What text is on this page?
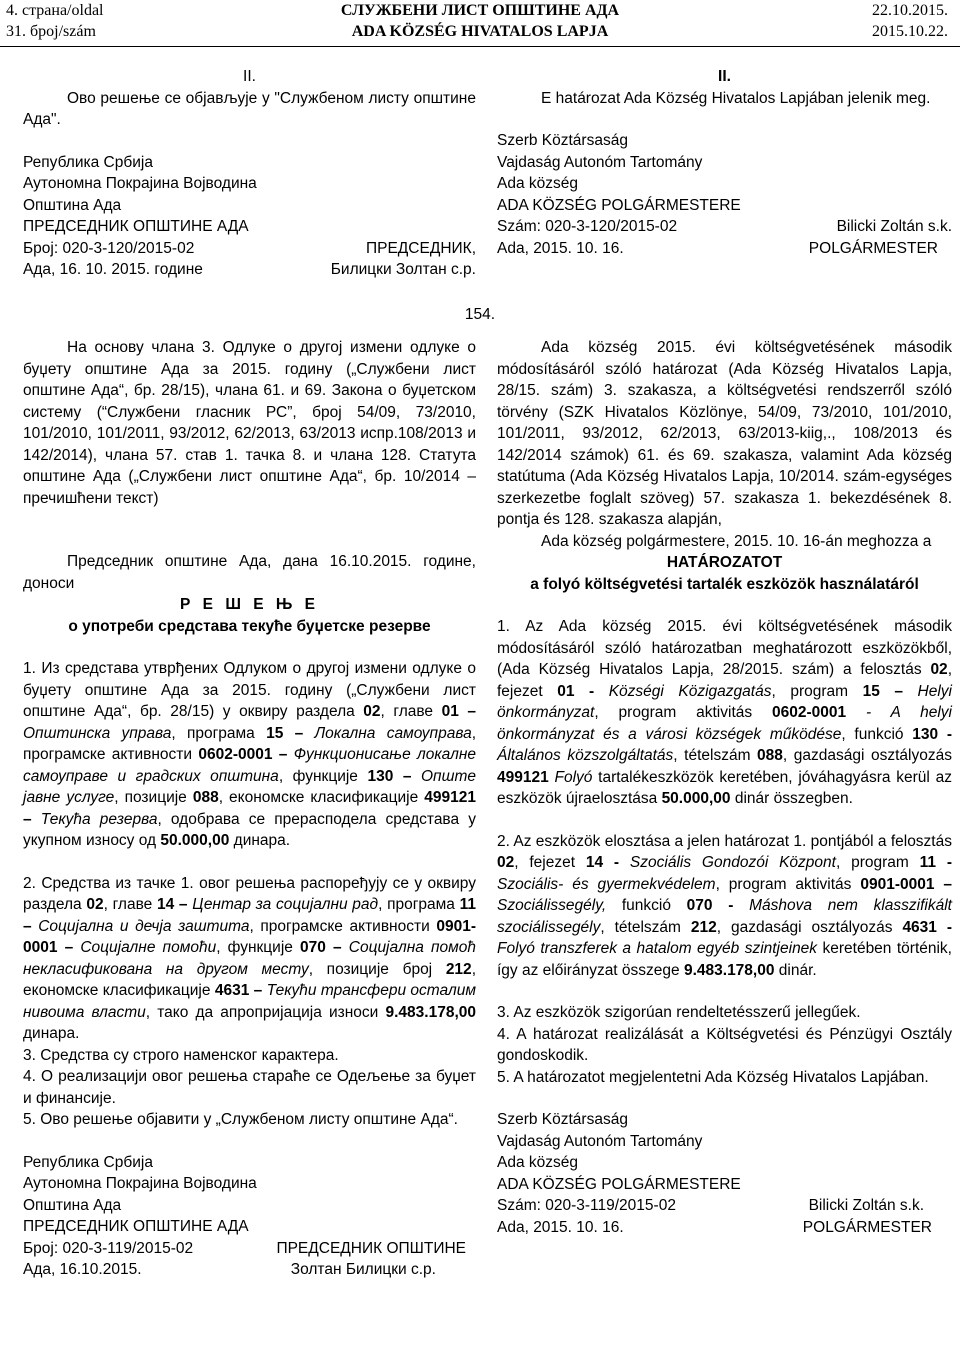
4. страна/oldal
31. број/szám
СЛУЖБЕНИ ЛИСТ ОПШТИНЕ АДА
ADA KÖZSÉG HIVATALOS LAPJA
22.10.2015.
2015.10.22.
II.

Ово решење се објављује у "Службеном листу општине Ада".

Република Србија
Аутономна Покрајина Војводина
Општина Ада
ПРЕДСЕДНИК ОПШТИНЕ АДА
Број: 020-3-120/2015-02	ПРЕДСЕДНИК,
Ада, 16. 10. 2015. године	Билицки Золтан с.р.
II.

E határozat Ada Község Hivatalos Lapjában jelenik meg.

Szerb Köztársaság
Vajdaság Autonóm Tartomány
Ada község
ADA KÖZSÉG POLGÁRMESTERE
Szám: 020-3-120/2015-02	Bilicki Zoltán s.k.
Ada, 2015. 10. 16.	POLGÁRMESTER
154.

На основу члана 3. Одлуке о другој измени одлуке о буџету општине Ада за 2015. годину („Службени лист општине Ада“, бр. 28/15), члана 61. и 69. Закона о буџетском систему (“Службени гласник РС”, број 54/09, 73/2010, 101/2010, 101/2011, 93/2012, 62/2013, 63/2013 испр.108/2013 и 142/2014), члана 57. став 1. тачка 8. и члана 128. Статута општине Ада („Службени лист општине Ада“, бр. 10/2014 – пречишћени текст)

Председник општине Ада, дана 16.10.2015. године, доноси

Р Е Ш Е Њ Е
о употреби средстава текуће буџетске резерве

1. Из средстава утврђених Одлуком о другој измени одлуке о буџету општине Ада за 2015. годину („Службени лист општине Ада“, бр. 28/15) у оквиру раздела 02, главе 01 – Општинска управа, програма 15 – Локална самоуправа, програмске активности 0602-0001 – Функционисање локалне самоуправе и градских општина, функције 130 – Опште јавне услуге, позиције 088, економске класификације 499121 – Текућа резерва, одобрава се прерасподела средстава у укупном износу од 50.000,00 динара.

2. Средства из тачке 1. овог решења распоређују се у оквиру раздела 02, главе 14 – Центар за социјални рад, програма 11 – Социјална и дечја заштита, програмске активности 0901-0001 – Социјалне помоћи, функције 070 – Социјална помоћ некласификована на другом месту, позиције број 212, економске класификације 4631 – Текући трансфери осталим нивоима власти, тако да апропријација износи 9.483.178,00 динара.

3. Средства су строго наменског карактера.

4. О реализацији овог решења стараће се Одељење за буџет и финансије.

5. Ово решење објавити у „Службеном листу општине Ада“.

Република Србија
Аутономна Покрајина Војводина
Општина Ада
ПРЕДСЕДНИК ОПШТИНЕ АДА
Број: 020-3-119/2015-02	ПРЕДСЕДНИК ОПШТИНЕ
Ада, 16.10.2015.	Золтан Билицки с.р.

Ada község 2015. évi költségvetésének második módosításáról szóló határozat (Ada Község Hivatalos Lapja, 28/15. szám) 3. szakasza, a költségvetési rendszerről szóló törvény (SZK Hivatalos Közlönye, 54/09, 73/2010, 101/2010, 101/2011, 93/2012, 62/2013, 63/2013-kiig,., 108/2013 és 142/2014 számok) 61. és 69. szakasza, valamint Ada község statútuma (Ada Község Hivatalos Lapja, 10/2014. szám-egységes szerkezetbe foglalt szöveg) 57. szakasza 1. bekezdésének 8. pontja és 128. szakasza alapján,

Ada község polgármestere, 2015. 10. 16-án meghozza a

HATÁROZATOT
a folyó költségvetési tartalék eszközök használatáról

1. Az Ada község 2015. évi költségvetésének második módosításáról szóló határozatban meghatározott eszközökből, (Ada Község Hivatalos Lapja, 28/2015. szám) a felosztás 02, fejezet 01 - Községi Közigazgatás, program 15 – Helyi önkormányzat, program aktivitás 0602-0001 - A helyi önkormányzat és a városi községek működése, funkció 130 - Általános közszolgáltatás, tételszám 088, gazdasági osztályozás 499121 Folyó tartalékeszközök keretében, jóváhagyásra kerül az eszközök újraelosztása 50.000,00 dinár összegben.

2. Az eszközök elosztása a jelen határozat 1. pontjából a felosztás 02, fejezet 14 - Szociális Gondozói Központ, program 11 - Szociális- és gyermekvédelem, program aktivitás 0901-0001 – Szociálissegély, funkció 070 - Máshova nem klasszifikált szociálissegély, tételszám 212, gazdasági osztályozás 4631 - Folyó transzferek a hatalom egyéb szintjeinek keretében történik, így az előirányzat összege 9.483.178,00 dinár.

3. Az eszközök szigorúan rendeltetésszerű jellegűek.

4. A határozat realizálását a Költségvetési és Pénzügyi Osztály gondoskodik.

5. A határozatot megjelentetni Ada Község Hivatalos Lapjában.

Szerb Köztársaság
Vajdaság Autonóm Tartomány
Ada község
ADA KÖZSÉG POLGÁRMESTERE
Szám: 020-3-119/2015-02	Bilicki Zoltán s.k.
Ada, 2015. 10. 16.	POLGÁRMESTER
